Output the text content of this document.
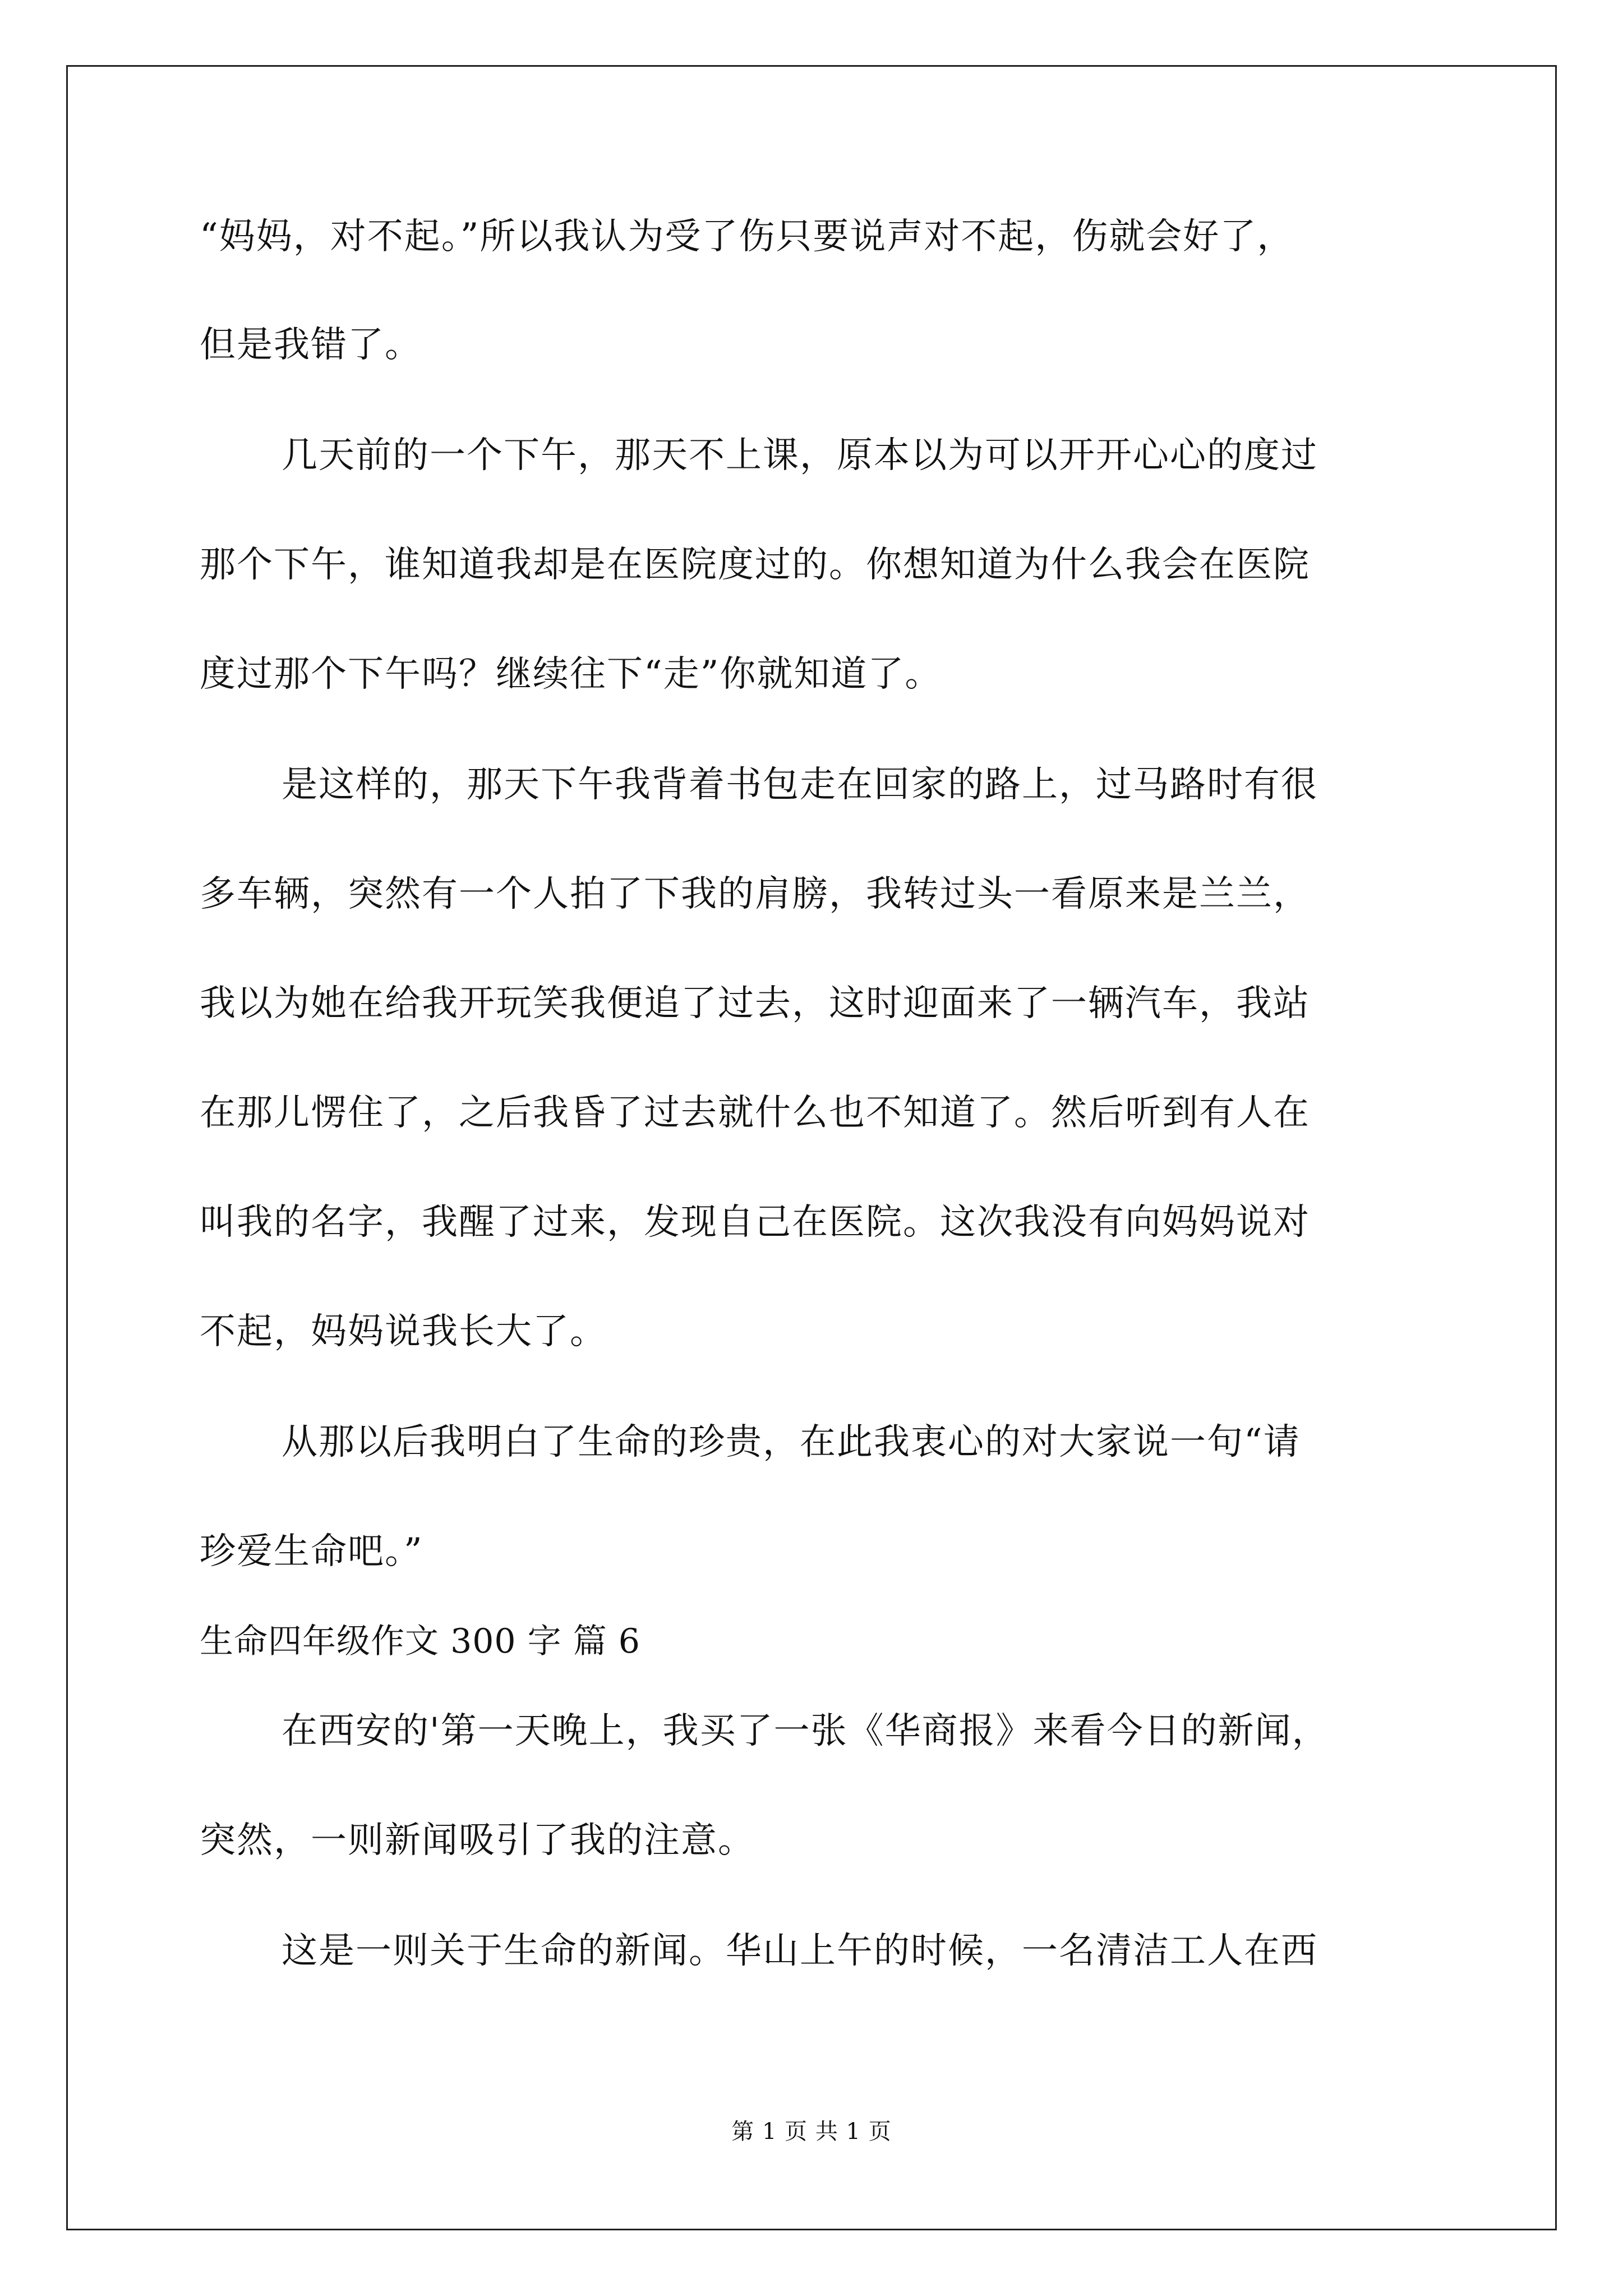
“妈妈，对不起。”所以我认为受了伤只要说声对不起，伤就会好了，
但是我错了。
几天前的一个下午，那天不上课，原本以为可以开开心心的度过
那个下午，谁知道我却是在医院度过的。你想知道为什么我会在医院
度过那个下午吗？继续往下“走”你就知道了。
是这样的，那天下午我背着书包走在回家的路上，过马路时有很
多车辆，突然有一个人拍了下我的肩膀，我转过头一看原来是兰兰，
我以为她在给我开玩笑我便追了过去，这时迎面来了一辆汽车，我站
在那儿愣住了，之后我昏了过去就什么也不知道了。然后听到有人在
叫我的名字，我醒了过来，发现自己在医院。这次我没有向妈妈说对
不起，妈妈说我长大了。
从那以后我明白了生命的珍贵，在此我衷心的对大家说一句“请
珍爱生命吧。”
生命四年级作文 300 字 篇 6
在西安的'第一天晚上，我买了一张《华商报》来看今日的新闻，
突然，一则新闻吸引了我的注意。
这是一则关于生命的新闻。华山上午的时候，一名清洁工人在西
第 1 页 共 1 页
